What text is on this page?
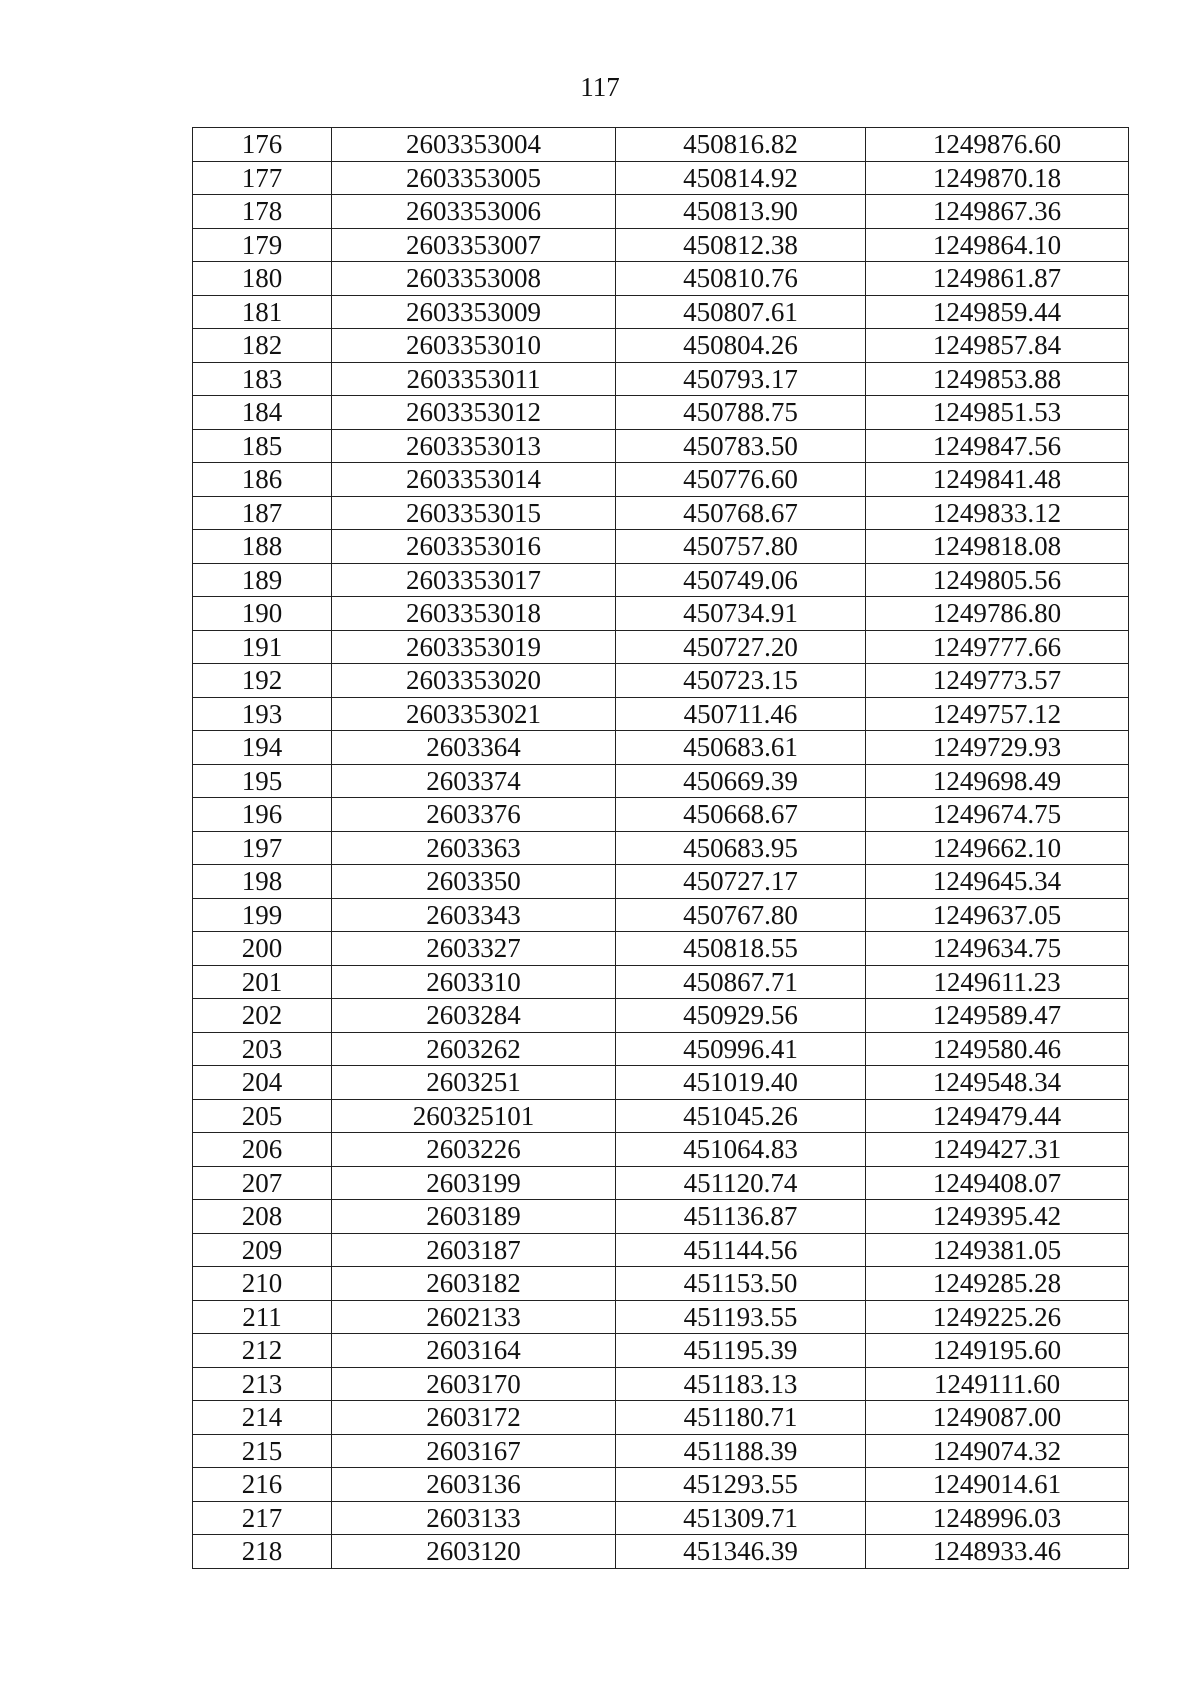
117
176	2603353004	450816.82	1249876.60
177	2603353005	450814.92	1249870.18
178	2603353006	450813.90	1249867.36
179	2603353007	450812.38	1249864.10
180	2603353008	450810.76	1249861.87
181	2603353009	450807.61	1249859.44
182	2603353010	450804.26	1249857.84
183	2603353011	450793.17	1249853.88
184	2603353012	450788.75	1249851.53
185	2603353013	450783.50	1249847.56
186	2603353014	450776.60	1249841.48
187	2603353015	450768.67	1249833.12
188	2603353016	450757.80	1249818.08
189	2603353017	450749.06	1249805.56
190	2603353018	450734.91	1249786.80
191	2603353019	450727.20	1249777.66
192	2603353020	450723.15	1249773.57
193	2603353021	450711.46	1249757.12
194	2603364	450683.61	1249729.93
195	2603374	450669.39	1249698.49
196	2603376	450668.67	1249674.75
197	2603363	450683.95	1249662.10
198	2603350	450727.17	1249645.34
199	2603343	450767.80	1249637.05
200	2603327	450818.55	1249634.75
201	2603310	450867.71	1249611.23
202	2603284	450929.56	1249589.47
203	2603262	450996.41	1249580.46
204	2603251	451019.40	1249548.34
205	260325101	451045.26	1249479.44
206	2603226	451064.83	1249427.31
207	2603199	451120.74	1249408.07
208	2603189	451136.87	1249395.42
209	2603187	451144.56	1249381.05
210	2603182	451153.50	1249285.28
211	2602133	451193.55	1249225.26
212	2603164	451195.39	1249195.60
213	2603170	451183.13	1249111.60
214	2603172	451180.71	1249087.00
215	2603167	451188.39	1249074.32
216	2603136	451293.55	1249014.61
217	2603133	451309.71	1248996.03
218	2603120	451346.39	1248933.46
